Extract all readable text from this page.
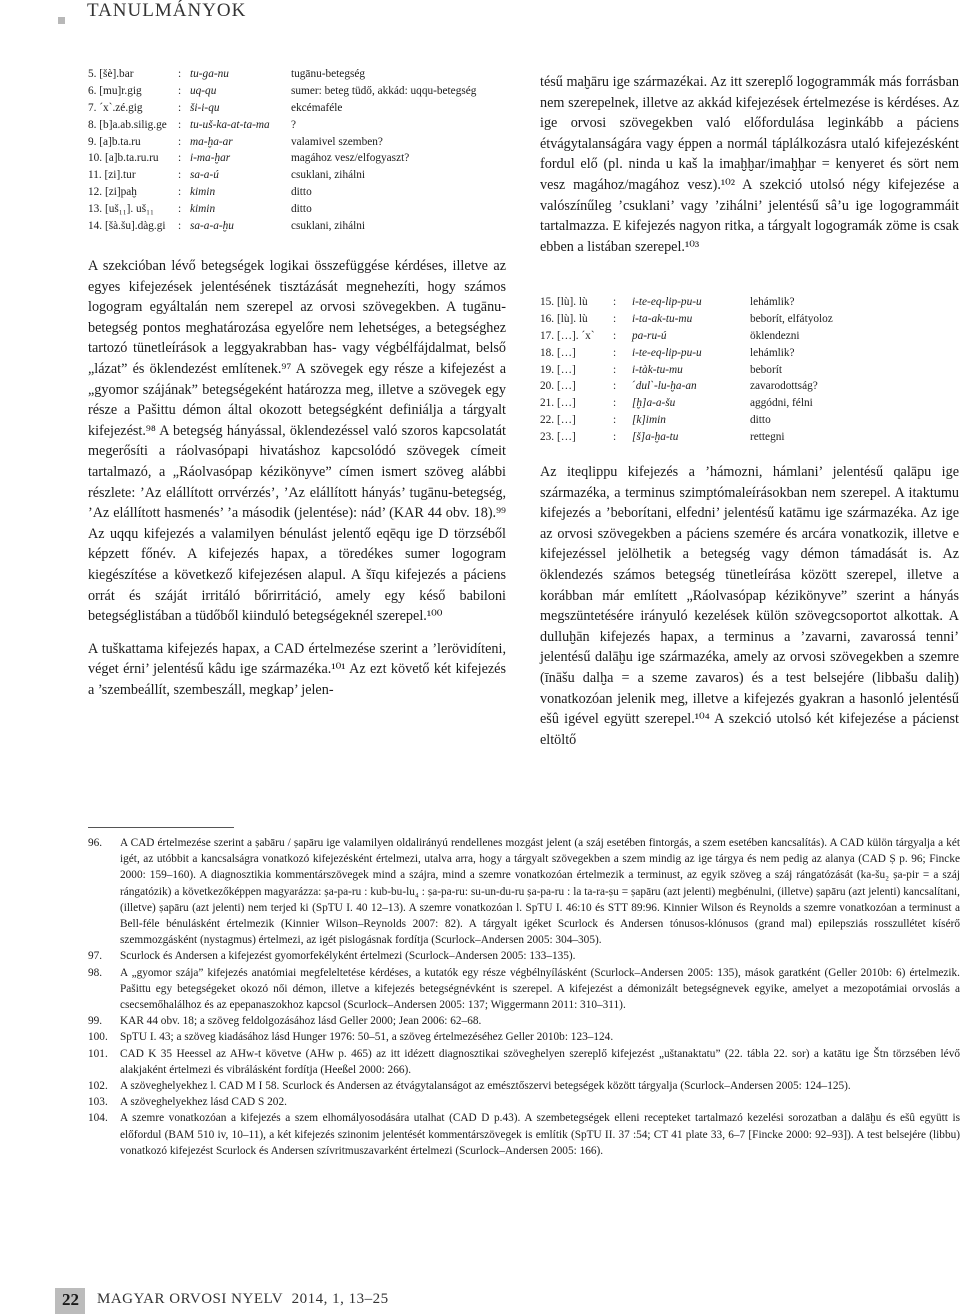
TANULMÁNYOK
5. [šè].bar	: tu-ga-nu	tugānu-betegség
6. [mu]r.gig	: uq-qu	sumer: beteg tüdő, akkád: uqqu-betegség
7. ˊxˋ.zé.gig	: ši-i-qu	ekcémaféle
8. [b]a.ab.silig.ge : tu-uš-ka-at-ta-ma ?
9. [a]b.ta.ru	: ma-ḫa-ar	valamivel szemben?
10. [a]b.ta.ru.ru : i-ma-ḫar	magához vesz/elfogyaszt?
11. [zi].tur	: sa-a-ú	csuklani, zihálni
12. [zi]paḫ	: kimin	ditto
13. [uš₁₁]. uš₁₁ : kimin	ditto
14. [šà.šu].dàg.gi : sa-a-a-ḫu	csuklani, zihálni

A szekcióban lévő betegségek logikai összefüggése kérdéses, illetve az egyes kifejezések jelentésének tisztázását megnehezíti, hogy számos logogram egyáltalán nem szerepel az orvosi szövegekben. A tugānu-betegség pontos meghatározása egyelőre nem lehetséges, a betegséghez tartozó tünetleírások a leggyakrabban has- vagy végbélfájdalmat, belső „lázat” és öklendezést említenek.⁹⁷ A szövegek egy része a kifejezést a „gyomor szájának” betegségeként határozza meg, illetve a szövegek egy része a Pašittu démon által okozott betegségként definiálja a tárgyalt kifejezést.⁹⁸ A betegség hányással, öklendezéssel való szoros kapcsolatát megerősíti a ráolvasópapi hivatáshoz kapcsolódó szövegek címeit tartalmazó, a „Ráolvasópap kézikönyve” címen ismert szöveg alábbi részlete: ’Az elállított orrvérzés’, ’Az elállított hányás’ tugānu-betegség, ’Az elállított hasmenés’ ’a második (jelentése): nád’ (KAR 44 obv. 18).⁹⁹ Az uqqu kifejezés a valamilyen bénulást jelentő eqēqu ige D törzséből képzett főnév. A kifejezés hapax, a töredékes sumer logogram kiegészítése a következő kifejezésen alapul. A šīqu kifejezés a páciens orrát és száját irritáló bőrirritáció, amely egy késő babiloni betegséglistában a tüdőből kiinduló betegségeknél szerepel.¹⁰⁰

A tuškattama kifejezés hapax, a CAD értelmezése szerint a ’lerövidíteni, véget érni’ jelentésű kâdu ige származéka.¹⁰¹ Az ezt követő két kifejezés a ’szembeállít, szembeszáll, megkap’ jelen-

tésű maḫāru ige származékai. Az itt szereplő logogrammák más forrásban nem szerepelnek, illetve az akkád kifejezések értelmezése is kérdéses. Az ige orvosi szövegekben való előfordulása leginkább a páciens étvágytalanságára vagy éppen a normál táplálkozásra utaló kifejezésként fordul elő (pl. ninda u kaš la imaḫḫar/imaḫḫar = kenyeret és sört nem vesz magához/magához vesz).¹⁰² A szekció utolsó négy kifejezése a valószínűleg ’csuklani’ vagy ’zihálni’ jelentésű sâ’u ige logogrammáit tartalmazza. E kifejezés nagyon ritka, a tárgyalt logogramák zöme is csak ebben a listában szerepel.¹⁰³

15. [lù]. lù : i-te-eq-lip-pu-u	lehámlik?
16. [lù]. lù : i-ta-ak-tu-mu	beborít, elfátyoloz
17. […]. ˊxˋ : pa-ru-ú	öklendezni
18. […]	: i-te-eq-lip-pu-u	lehámlik?
19. […]	: i-tàk-tu-mu	beborít
20. […]	: ˊdulˋ-lu-ḫa-an	zavarodottság?
21. […]	: [ḫ]a-a-šu	aggódni, félni
22. […]	: [k]imin	ditto
23. […]	: [š]a-ḫa-tu	rettegni

Az iteqlippu kifejezés a ’hámozni, hámlani’ jelentésű qalāpu ige származéka, a terminus szimptómaleírásokban nem szerepel. A itaktumu kifejezés a ’beborítani, elfedni’ jelentésű katāmu ige származéka. Az ige az orvosi szövegekben a páciens szemére és arcára vonatkozik, illetve e kifejezéssel jelölhetik a betegség vagy démon támadását is. Az öklendezés számos betegség tünetleírása között szerepel, illetve a korábban már említett „Ráolvasópap kézikönyve” szerint a hányás megszüntetésére irányuló kezelések külön szövegcsoportot alkottak. A dulluḫān kifejezés hapax, a terminus a ’zavarni, zavarossá tenni’ jelentésű dalāḫu ige származéka, amely az orvosi szövegekben a szemre (īnāšu dalḫa = a szeme zavaros) és a test belsejére (libbašu daliḫ) vonatkozóan jelenik meg, illetve a kifejezés gyakran a hasonló jelentésű ešû igével együtt szerepel.¹⁰⁴ A szekció utolsó két kifejezése a pácienst eltöltő

96. A CAD értelmezése szerint a ṣabāru / ṣapāru ige valamilyen oldalirányú rendellenes mozgást jelent (a száj esetében fintorgás, a szem esetében kancsalítás). A CAD külön tárgyalja a két igét, az utóbbit a kancsalságra vonatkozó kifejezésként értelmezi, utalva arra, hogy a tárgyalt szövegekben a szem mindig az ige tárgya és nem pedig az alanya (CAD Ṣ p. 96; Fincke 2000: 159–160). A diagnosztikia kommentárszövegek mind a szájra, mind a szemre vonatkozóan értelmezik a terminust, az egyik szöveg a száj rángatózását (ka-šu₂ ṣa-pir = a száj rángatózik) a következőképpen magyarázza: ṣa-pa-ru : kub-bu-lu₄ : ṣa-pa-ru: su-un-du-ru ṣa-pa-ru : la ta-ra-ṣu = ṣapāru (azt jelenti) megbénulni, (illetve) ṣapāru (azt jelenti) kancsalítani, (illetve) ṣapāru (azt jelenti) nem terjed ki (SpTU I. 40 12–13). A szemre vonatkozóan l. SpTU I. 46:10 és STT 89:96. Kinnier Wilson és Reynolds a szemre vonatkozóan a terminust a Bell-féle bénulásként értelmezik (Kinnier Wilson–Reynolds 2007: 82). A tárgyalt igéket Scurlock és Andersen tónusos-klónusos (grand mal) epilepsziás rosszullétet kísérő szemmozgásként (nystagmus) értelmezi, az igét pislogásnak fordítja (Scurlock–Andersen 2005: 304–305).

97. Scurlock és Andersen a kifejezést gyomorfekélyként értelmezi (Scurlock–Andersen 2005: 133–135).

98. A „gyomor szája” kifejezés anatómiai megfeleltetése kérdéses, a kutatók egy része végbélnyílásként (Scurlock–Andersen 2005: 135), mások garatként (Geller 2010b: 6) értelmezik. Pašittu egy betegségeket okozó női démon, illetve a kifejezés betegségnévként is szerepel. A kifejezést a démonizált betegségnevek egyike, amelyet a mezopotámiai orvoslás a csecsemőhalálhoz és az epepanaszokhoz kapcsol (Scurlock–Andersen 2005: 137; Wiggermann 2011: 310–311).

99. KAR 44 obv. 18; a szöveg feldolgozásához lásd Geller 2000; Jean 2006: 62–68.

100. SpTU I. 43; a szöveg kiadásához lásd Hunger 1976: 50–51, a szöveg értelmezéséhez Geller 2010b: 123–124.

101. CAD K 35 Heessel az AHw-t követve (AHw p. 465) az itt idézett diagnosztikai szöveghelyen szereplő kifejezést „uštanaktatu” (22. tábla 22. sor) a katātu ige Štn törzsében lévő alakjaként értelmezi és vibrálásként fordítja (Heeßel 2000: 266).

102. A szöveghelyekhez l. CAD M I 58. Scurlock és Andersen az étvágytalanságot az emésztőszervi betegségek között tárgyalja (Scurlock–Andersen 2005: 124–125).

103. A szöveghelyekhez lásd CAD S 202.

104. A szemre vonatkozóan a kifejezés a szem elhomályosodására utalhat (CAD D p.43). A szembetegségek elleni recepteket tartalmazó kezelési sorozatban a dalāḫu és ešû együtt is előfordul (BAM 510 iv, 10–11), a két kifejezés szinonim jelentését kommentárszövegek is említik (SpTU II. 37 :54; CT 41 plate 33, 6–7 [Fincke 2000: 92–93]). A test belsejére (libbu) vonatkozó kifejezést Scurlock és Andersen szívritmuszavarként értelmezi (Scurlock–Andersen 2005: 166).

22 MAGYAR ORVOSI NYELV 2014, 1, 13–25
